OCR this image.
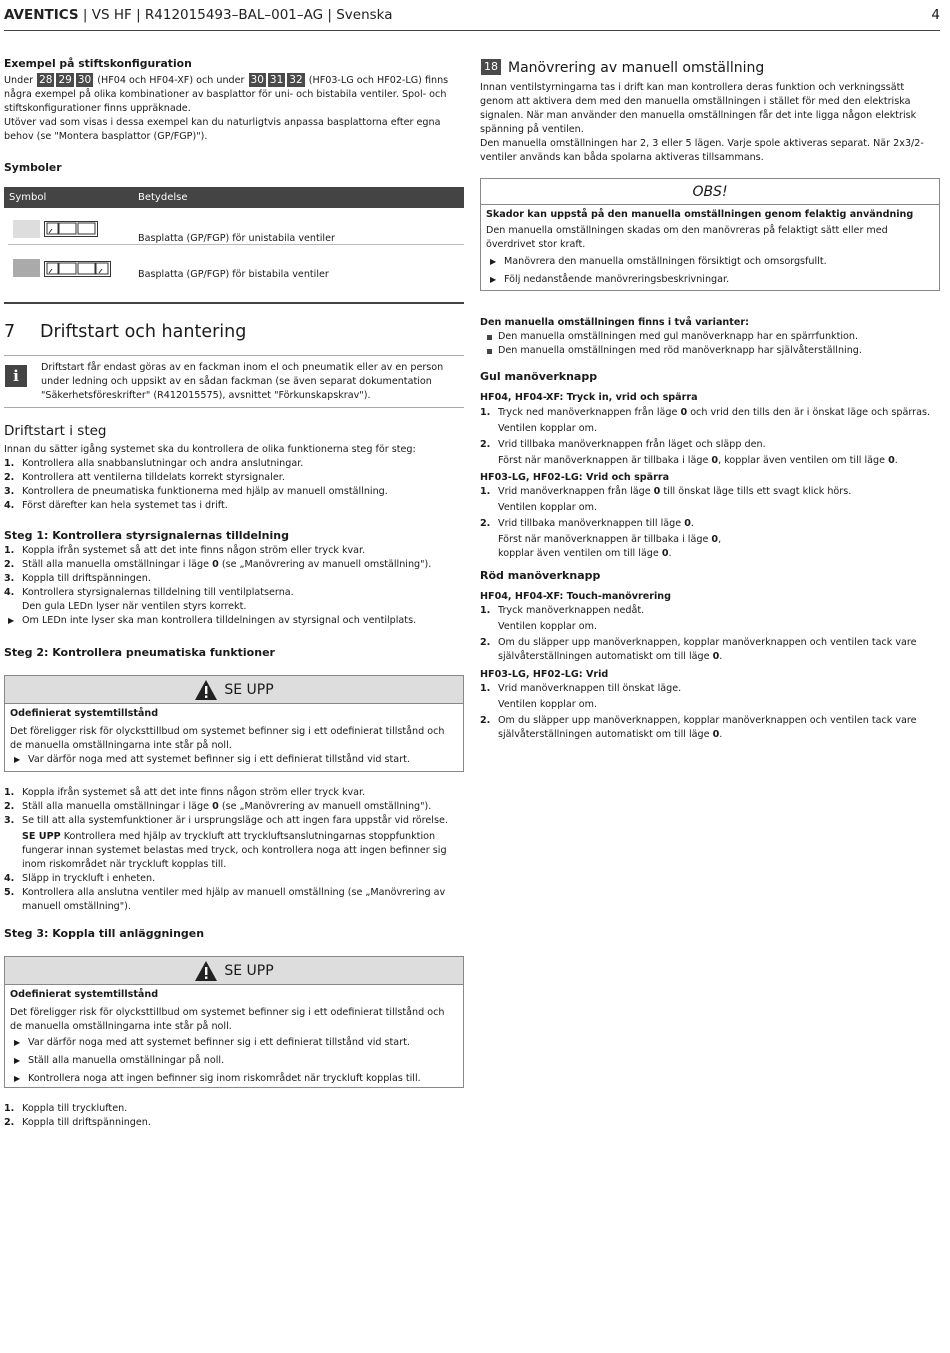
AVENTICS | VS HF | R412015493–BAL–001–AG | Svenska	4
Exempel på stiftskonfiguration
Under 28 29 30 (HF04 och HF04-XF) och under 30 31 32 (HF03-LG och HF02-LG) finns några exempel på olika kombinationer av basplattor för uni- och bistabila ventiler. Spol- och stiftskonfigurationer finns uppräknade.
Utöver vad som visas i dessa exempel kan du naturligtvis anpassa basplattorna efter egna behov (se "Montera basplattor (GP/FGP)").
Symboler
Symbol	Betydelse
Basplatta (GP/FGP) för unistabila ventiler
Basplatta (GP/FGP) för bistabila ventiler
7 Driftstart och hantering
i	Driftstart får endast göras av en fackman inom el och pneumatik eller av en person under ledning och uppsikt av en sådan fackman (se även separat dokumentation "Säkerhetsföreskrifter" (R412015575), avsnittet "Förkunskapskrav").
Driftstart i steg
Innan du sätter igång systemet ska du kontrollera de olika funktionerna steg för steg:
1. Kontrollera alla snabbanslutningar och andra anslutningar.
2. Kontrollera att ventilerna tilldelats korrekt styrsignaler.
3. Kontrollera de pneumatiska funktionerna med hjälp av manuell omställning.
4. Först därefter kan hela systemet tas i drift.
Steg 1: Kontrollera styrsignalernas tilldelning
1. Koppla ifrån systemet så att det inte finns någon ström eller tryck kvar.
2. Ställ alla manuella omställningar i läge 0 (se „Manövrering av manuell omställning").
3. Koppla till driftspänningen.
4. Kontrollera styrsignalernas tilldelning till ventilplatserna.
Den gula LEDn lyser när ventilen styrs korrekt.
▶ Om LEDn inte lyser ska man kontrollera tilldelningen av styrsignal och ventilplats.
Steg 2: Kontrollera pneumatiska funktioner
SE UPP
Odefinierat systemtillstånd
Det föreligger risk för olycksttillbud om systemet befinner sig i ett odefinierat tillstånd och de manuella omställningarna inte står på noll.
▶ Var därför noga med att systemet befinner sig i ett definierat tillstånd vid start.
1. Koppla ifrån systemet så att det inte finns någon ström eller tryck kvar.
2. Ställ alla manuella omställningar i läge 0 (se „Manövrering av manuell omställning").
3. Se till att alla systemfunktioner är i ursprungsläge och att ingen fara uppstår vid rörelse.
SE UPP Kontrollera med hjälp av tryckluft att tryckluftsanslutningarnas stoppfunktion fungerar innan systemet belastas med tryck, och kontrollera noga att ingen befinner sig inom riskområdet när tryckluft kopplas till.
4. Släpp in tryckluft i enheten.
5. Kontrollera alla anslutna ventiler med hjälp av manuell omställning (se „Manövrering av manuell omställning").
Steg 3: Koppla till anläggningen
SE UPP
Odefinierat systemtillstånd
Det föreligger risk för olycksttillbud om systemet befinner sig i ett odefinierat tillstånd och de manuella omställningarna inte står på noll.
▶ Var därför noga med att systemet befinner sig i ett definierat tillstånd vid start.
▶ Ställ alla manuella omställningar på noll.
▶ Kontrollera noga att ingen befinner sig inom riskområdet när tryckluft kopplas till.
1. Koppla till tryckluften.
2. Koppla till driftspänningen.
18 Manövrering av manuell omställning
Innan ventilstyrningarna tas i drift kan man kontrollera deras funktion och verkningssätt genom att aktivera dem med den manuella omställningen i stället för med den elektriska signalen. När man använder den manuella omställningen får det inte ligga någon elektrisk spänning på ventilen.
Den manuella omställningen har 2, 3 eller 5 lägen. Varje spole aktiveras separat. När 2x3/2-ventiler används kan båda spolarna aktiveras tillsammans.
OBS!
Skador kan uppstå på den manuella omställningen genom felaktig användning
Den manuella omställningen skadas om den manövreras på felaktigt sätt eller med överdrivet stor kraft.
▶ Manövrera den manuella omställningen försiktigt och omsorgsfullt.
▶ Följ nedanstående manövreringsbeskrivningar.
Den manuella omställningen finns i två varianter:
Den manuella omställningen med gul manöverknapp har en spärrfunktion.
Den manuella omställningen med röd manöverknapp har självåterställning.
Gul manöverknapp
HF04, HF04-XF: Tryck in, vrid och spärra
1. Tryck ned manöverknappen från läge 0 och vrid den tills den är i önskat läge och spärras.
Ventilen kopplar om.
2. Vrid tillbaka manöverknappen från läget och släpp den.
Först när manöverknappen är tillbaka i läge 0, kopplar även ventilen om till läge 0.
HF03-LG, HF02-LG: Vrid och spärra
1. Vrid manöverknappen från läge 0 till önskat läge tills ett svagt klick hörs.
Ventilen kopplar om.
2. Vrid tillbaka manöverknappen till läge 0.
Först när manöverknappen är tillbaka i läge 0,
kopplar även ventilen om till läge 0.
Röd manöverknapp
HF04, HF04-XF: Touch-manövrering
1. Tryck manöverknappen nedåt.
Ventilen kopplar om.
2. Om du släpper upp manöverknappen, kopplar manöverknappen och ventilen tack vare självåterställningen automatiskt om till läge 0.
HF03-LG, HF02-LG: Vrid
1. Vrid manöverknappen till önskat läge.
Ventilen kopplar om.
2. Om du släpper upp manöverknappen, kopplar manöverknappen och ventilen tack vare självåterställningen automatiskt om till läge 0.
